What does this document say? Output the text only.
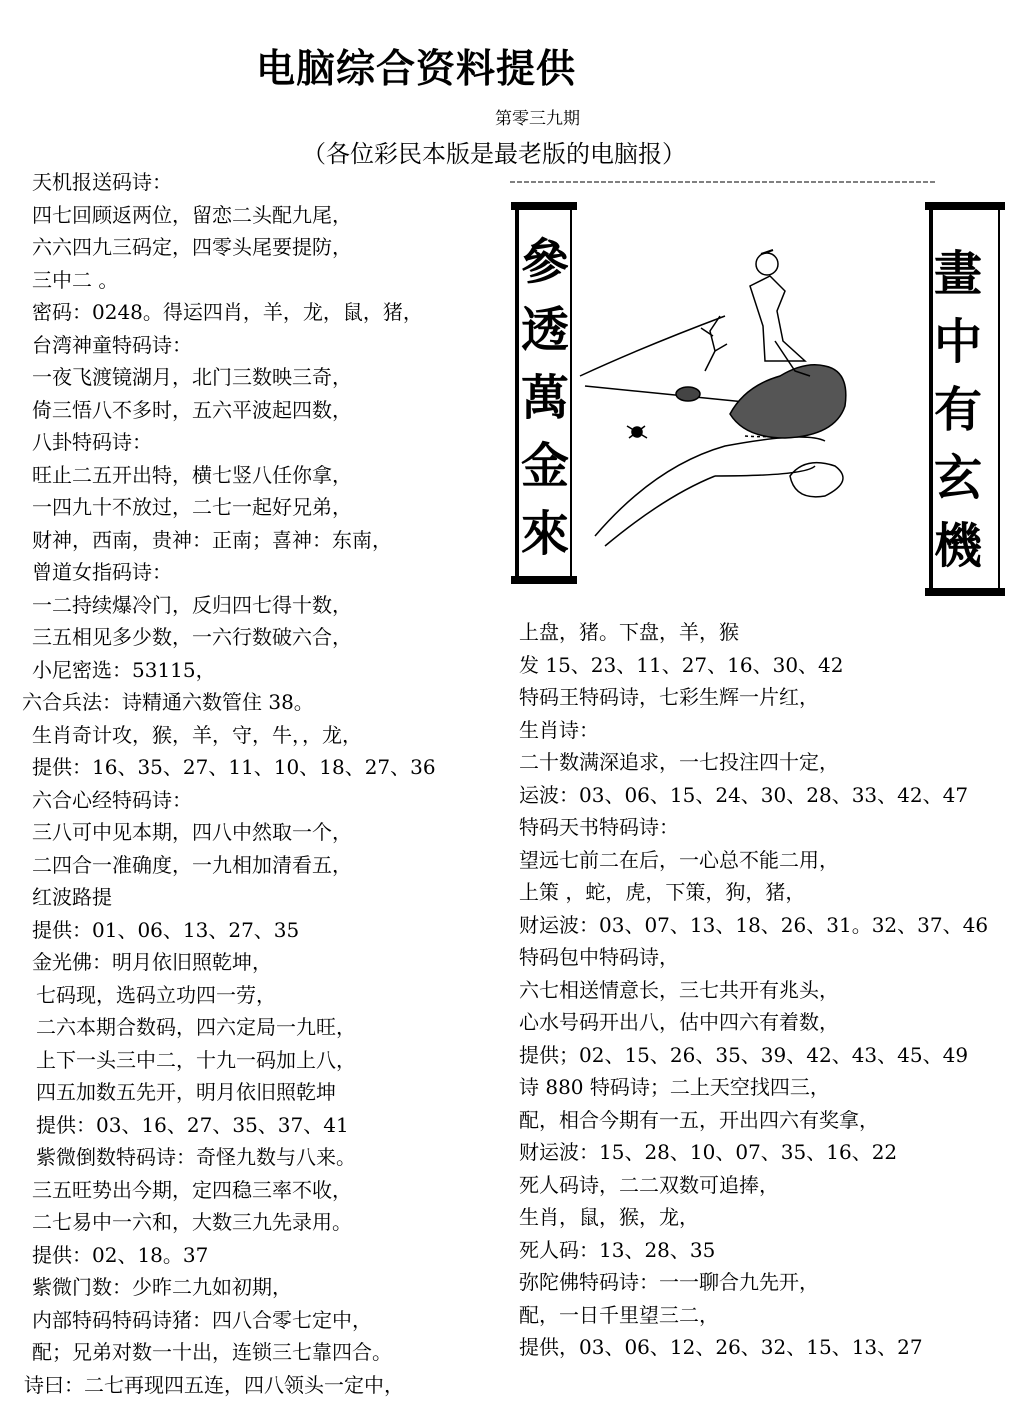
电脑综合资料提供
第零三九期
（各位彩民本版是最老版的电脑报）
天机报送码诗：
四七回顾返两位，留恋二头配九尾，
六六四九三码定，四零头尾要提防，
三中二 。
密码：0248。得运四肖，羊，龙，鼠，猪，
台湾神童特码诗：
一夜飞渡镜湖月，北门三数映三奇，
倚三悟八不多时，五六平波起四数，
八卦特码诗：
旺止二五开出特，横七竖八任你拿，
一四九十不放过，二七一起好兄弟，
财神，西南，贵神：正南；喜神：东南，
曾道女指码诗：
一二持续爆冷门，反归四七得十数，
三五相见多少数，一六行数破六合，
小尼密选：53115，
六合兵法：诗精通六数管住 38。
生肖奇计攻，猴，羊，守，牛，，龙，
提供：16、35、27、11、10、18、27、36
六合心经特码诗：
三八可中见本期，四八中然取一个，
二四合一准确度，一九相加清看五，
红波路提
提供：01、06、13、27、35
金光佛：明月依旧照乾坤，
七码现，选码立功四一劳，
二六本期合数码，四六定局一九旺，
上下一头三中二，十九一码加上八，
四五加数五先开，明月依旧照乾坤
提供：03、16、27、35、37、41
紫微倒数特码诗：奇怪九数与八来。
三五旺势出今期，定四稳三率不收，
二七易中一六和，大数三九先录用。
提供：02、18。37
紫微门数：少昨二九如初期，
内部特码特码诗猪：四八合零七定中，
配；兄弟对数一十出，连锁三七靠四合。
诗曰：二七再现四五连，四八领头一定中，
參
透
萬
金
來
畫
中
有
玄
機
上盘，猪。下盘，羊，猴
发 15、23、11、27、16、30、42
特码王特码诗，七彩生辉一片红，
生肖诗：
二十数满深追求，一七投注四十定，
运波：03、06、15、24、30、28、33、42、47
特码天书特码诗：
望远七前二在后，一心总不能二用，
上策 ，蛇，虎，下策，狗，猪，
财运波：03、07、13、18、26、31。32、37、46
特码包中特码诗，
六七相送情意长，三七共开有兆头，
心水号码开出八，估中四六有着数，
提供；02、15、26、35、39、42、43、45、49
诗 880 特码诗；二上天空找四三，
配，相合今期有一五，开出四六有奖拿，
财运波：15、28、10、07、35、16、22
死人码诗，二二双数可追捧，
生肖，鼠，猴，龙，
死人码：13、28、35
弥陀佛特码诗：一一聊合九先开，
配，一日千里望三二，
提供，03、06、12、26、32、15、13、27
